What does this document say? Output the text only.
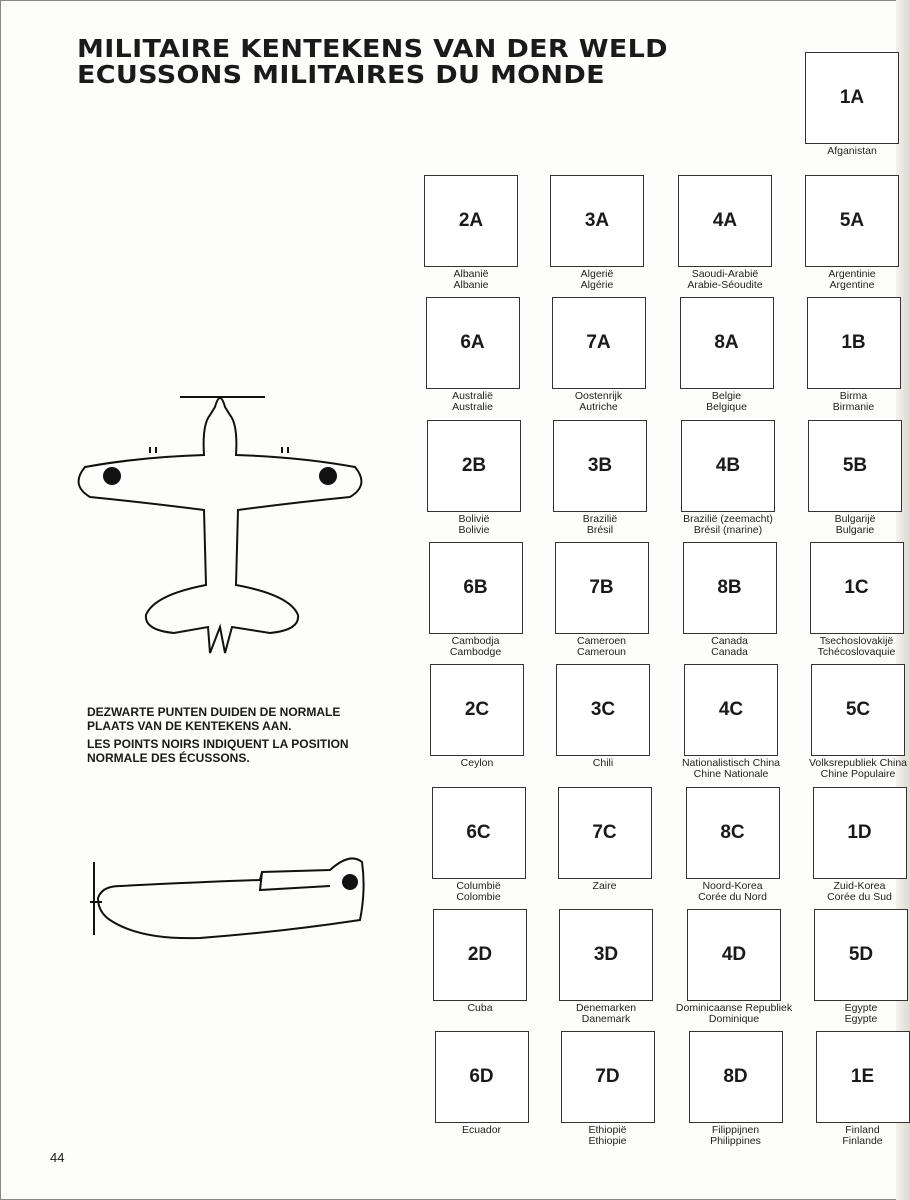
MILITAIRE KENTEKENS VAN DER WELD
ECUSSONS MILITAIRES DU MONDE

DEZWARTE PUNTEN DUIDEN DE NORMALE PLAATS VAN DE KENTEKENS AAN.

LES POINTS NOIRS INDIQUENT LA POSITION NORMALE DES ÉCUSSONS.

1A
Afganistan
2A
Albanië
Albanie
3A
Algerië
Algérie
4A
Saoudi-Arabië
Arabie-Séoudite
5A
Argentinie
Argentine
6A
Australië
Australie
7A
Oostenrijk
Autriche
8A
Belgie
Belgique
1B
Birma
Birmanie
2B
Bolivië
Bolivie
3B
Brazilië
Brésil
4B
Brazilië (zeemacht)
Brésil (marine)
5B
Bulgarijë
Bulgarie
6B
Cambodja
Cambodge
7B
Cameroen
Cameroun
8B
Canada
Canada
1C
Tsechoslovakijë
Tchécoslovaquie
2C
Ceylon
3C
Chili
4C
Nationalistisch China
Chine Nationale
5C
Volksrepubliek China
Chine Populaire
6C
Columbië
Colombie
7C
Zaire
8C
Noord-Korea
Corée du Nord
1D
Zuid-Korea
Corée du Sud
2D
Cuba
3D
Denemarken
Danemark
4D
Dominicaanse Republiek
Dominique
5D
Egypte
Egypte
6D
Ecuador
7D
Ethiopië
Ethiopie
8D
Filippijnen
Philippines
1E
Finland
Finlande
44
